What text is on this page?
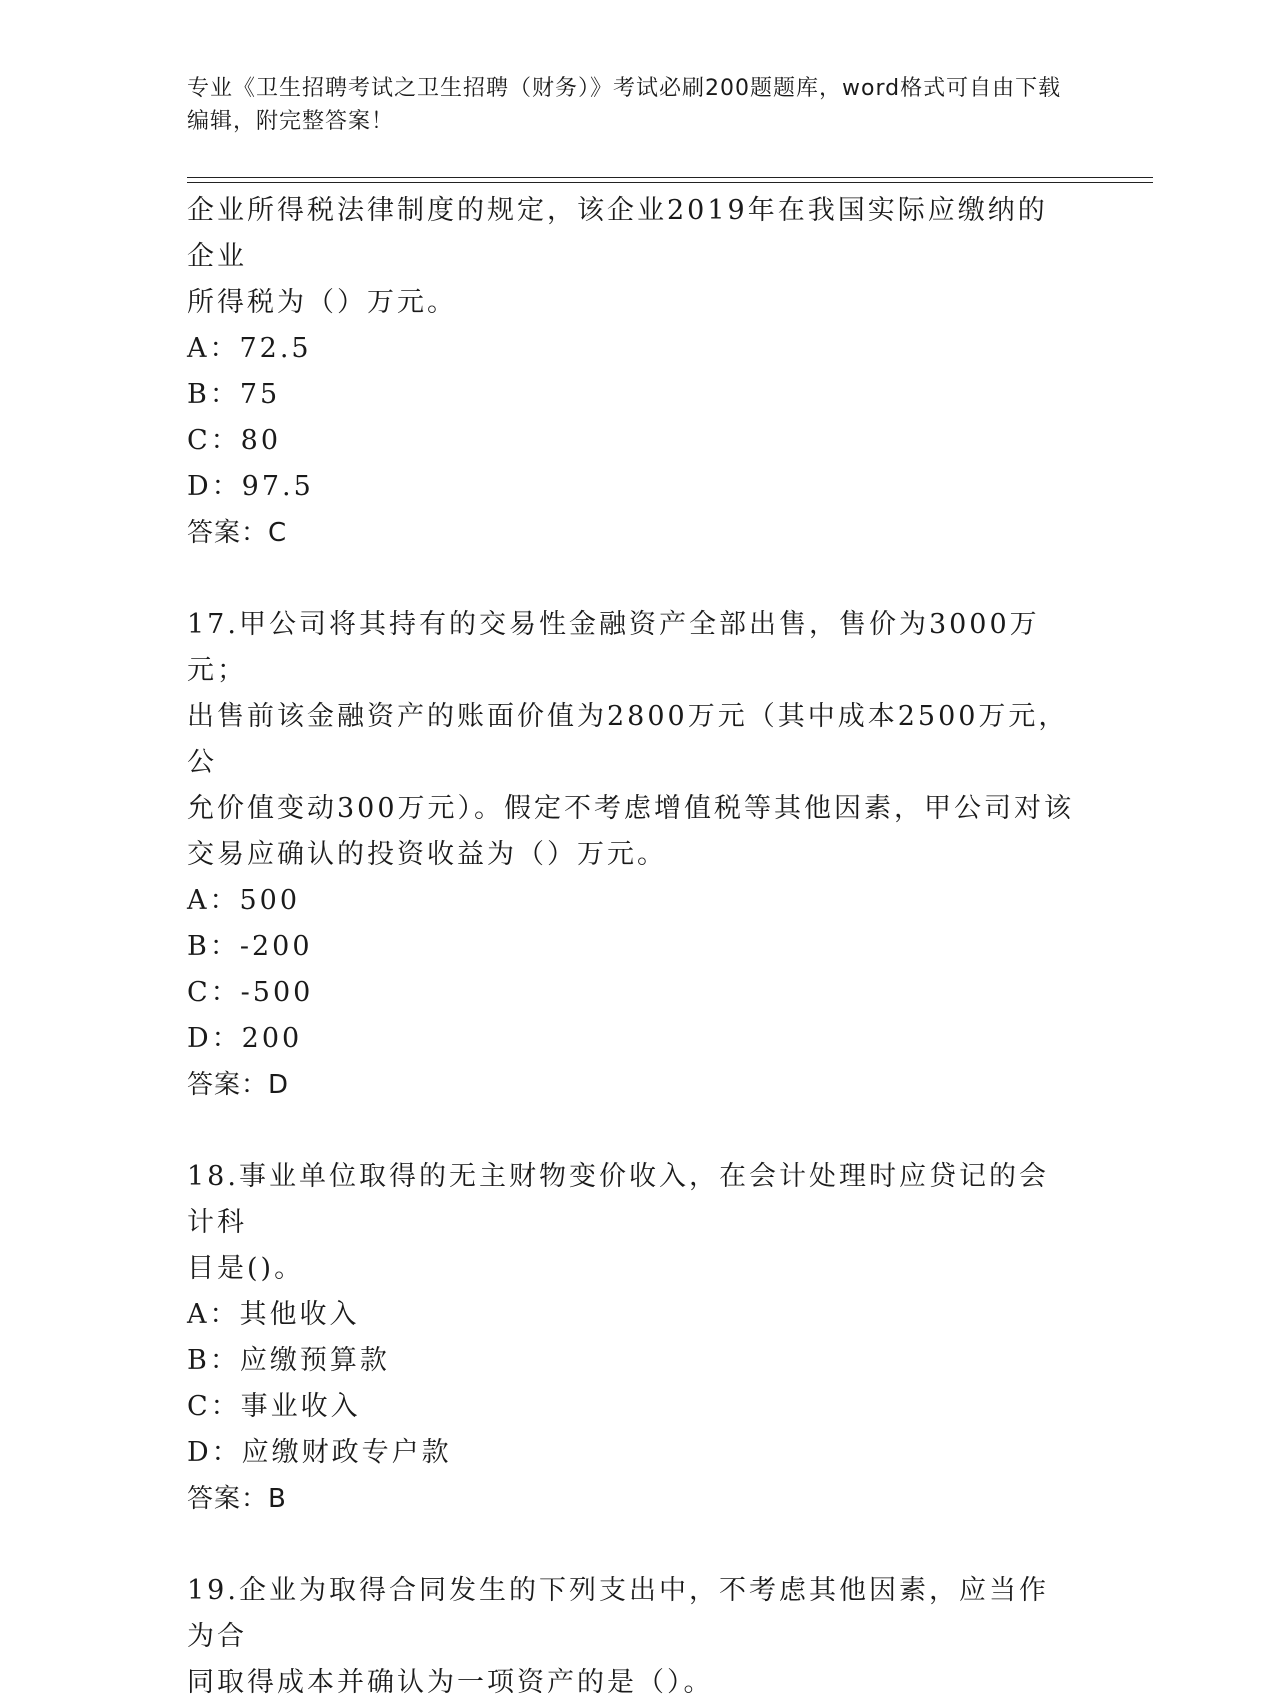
专业《卫生招聘考试之卫生招聘（财务）》考试必刷200题题库，word格式可自由下载编辑，附完整答案！
企业所得税法律制度的规定，该企业2019年在我国实际应缴纳的企业
所得税为（）万元。
A：72.5
B：75
C：80
D：97.5
答案：C
17.甲公司将其持有的交易性金融资产全部出售，售价为3000万元；
出售前该金融资产的账面价值为2800万元（其中成本2500万元，公
允价值变动300万元）。假定不考虑增值税等其他因素，甲公司对该
交易应确认的投资收益为（）万元。
A：500
B：-200
C：-500
D：200
答案：D
18.事业单位取得的无主财物变价收入，在会计处理时应贷记的会计科
目是()。
A：其他收入
B：应缴预算款
C：事业收入
D：应缴财政专户款
答案：B
19.企业为取得合同发生的下列支出中，不考虑其他因素，应当作为合
同取得成本并确认为一项资产的是（）。
